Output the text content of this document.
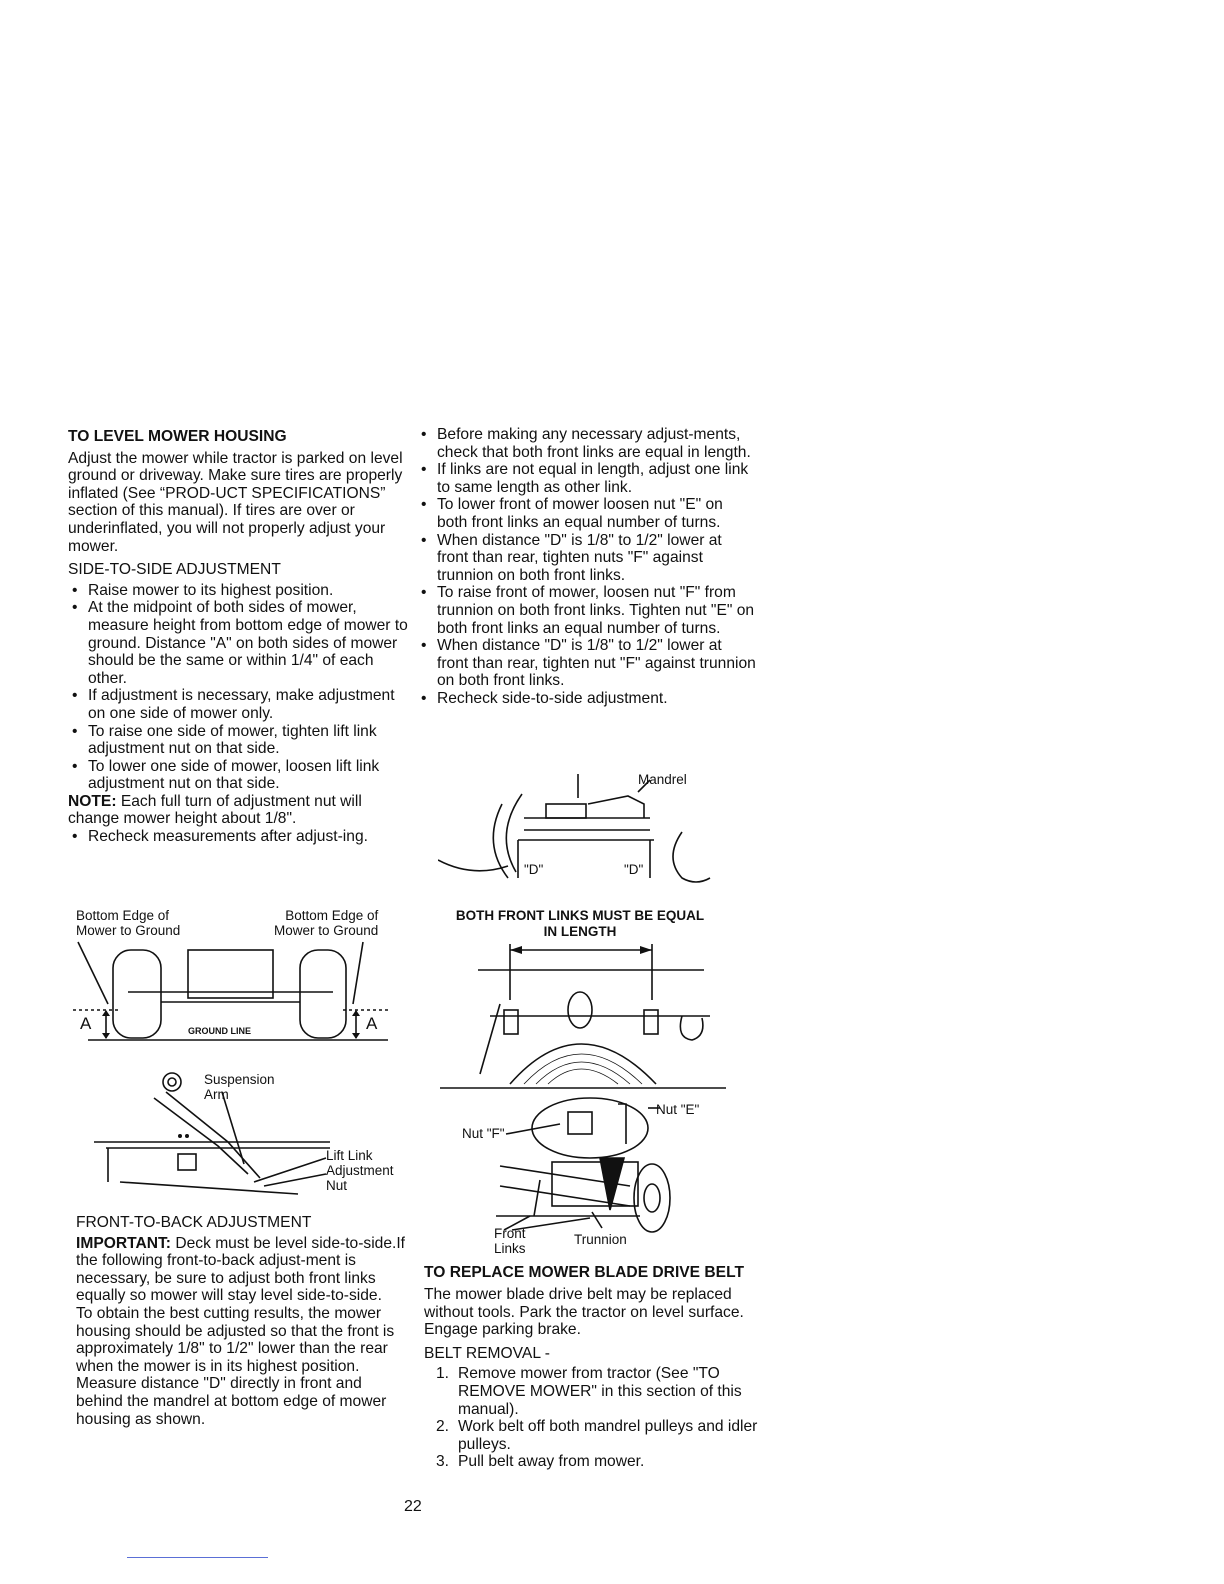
TO LEVEL MOWER HOUSING

Adjust the mower while tractor is parked on level ground or driveway. Make sure tires are properly inflated (See “PROD-UCT SPECIFICATIONS” section of this manual). If tires are over or underinflated, you will not properly adjust your mower.

SIDE-TO-SIDE ADJUSTMENT

• Raise mower to its highest position.
• At the midpoint of both sides of mower, measure height from bottom edge of mower to ground. Distance "A" on both sides of mower should be the same or within 1/4" of each other.
• If adjustment is necessary, make adjustment on one side of mower only.
• To raise one side of mower, tighten lift link adjustment nut on that side.
• To lower one side of mower, loosen lift link adjustment nut on that side.

NOTE: Each full turn of adjustment nut will change mower height about 1/8".

• Recheck measurements after adjust-ing.
Bottom Edge of
Mower to Ground
Bottom Edge of
Mower to Ground
A	A
GROUND LINE
Suspension
Arm
Lift Link
Adjustment
Nut

FRONT-TO-BACK ADJUSTMENT

IMPORTANT: Deck must be level side-to-side.If the following front-to-back adjust-ment is necessary, be sure to adjust both front links equally so mower will stay level side-to-side.

To obtain the best cutting results, the mower housing should be adjusted so that the front is approximately 1/8" to 1/2" lower than the rear when the mower is in its highest position.

Measure distance "D" directly in front and behind the mandrel at bottom edge of mower housing as shown.

• Before making any necessary adjust-ments, check that both front links are equal in length.
• If links are not equal in length, adjust one link to same length as other link.
• To lower front of mower loosen nut "E" on both front links an equal number of turns.
• When distance "D" is 1/8" to 1/2" lower at front than rear, tighten nuts "F" against trunnion on both front links.
• To raise front of mower, loosen nut "F" from trunnion on both front links. Tighten nut "E" on both front links an equal number of turns.
• When distance "D" is 1/8" to 1/2" lower at front than rear, tighten nut "F" against trunnion on both front links.
• Recheck side-to-side adjustment.
Mandrel
"D"	"D"
BOTH FRONT LINKS MUST BE EQUAL
IN LENGTH
Nut "E"
Nut "F"
Front
Links
Trunnion

TO REPLACE MOWER BLADE DRIVE BELT

The mower blade drive belt may be replaced without tools. Park the tractor on level surface. Engage parking brake.

BELT REMOVAL -

1. Remove mower from tractor (See "TO REMOVE MOWER" in this section of this manual).
2. Work belt off both mandrel pulleys and idler pulleys.
3. Pull belt away from mower.
22
